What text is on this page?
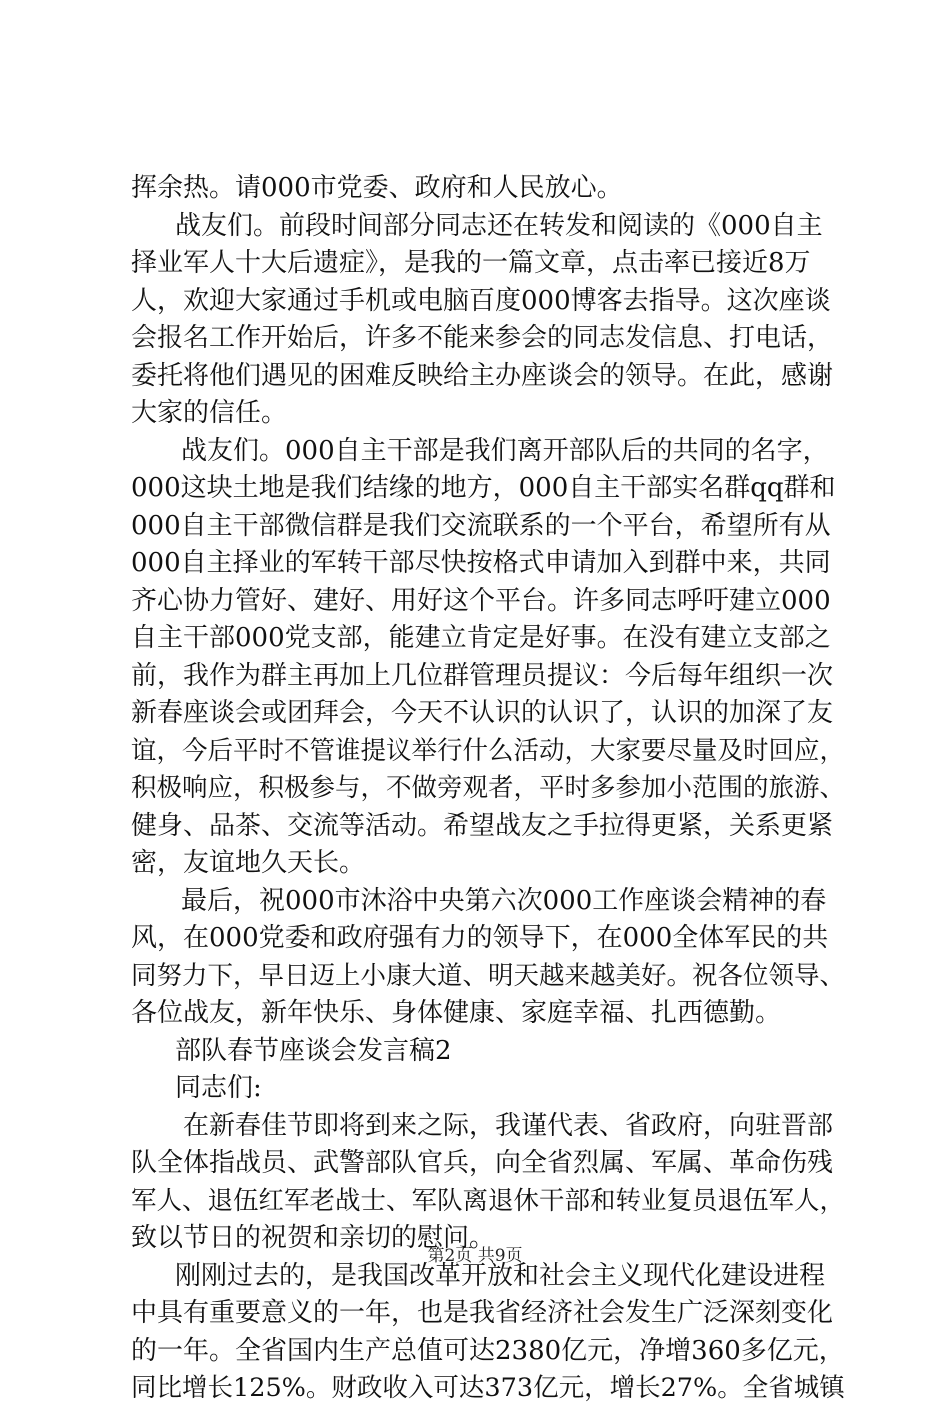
挥余热。请000市党委、政府和人民放心。
战友们。前段时间部分同志还在转发和阅读的《000自主
择业军人十大后遗症》，是我的一篇文章，点击率已接近8万
人，欢迎大家通过手机或电脑百度000博客去指导。这次座谈
会报名工作开始后，许多不能来参会的同志发信息、打电话，
委托将他们遇见的困难反映给主办座谈会的领导。在此，感谢
大家的信任。
战友们。000自主干部是我们离开部队后的共同的名字，
000这块土地是我们结缘的地方，000自主干部实名群qq群和
000自主干部微信群是我们交流联系的一个平台，希望所有从
000自主择业的军转干部尽快按格式申请加入到群中来，共同
齐心协力管好、建好、用好这个平台。许多同志呼吁建立000
自主干部000党支部，能建立肯定是好事。在没有建立支部之
前，我作为群主再加上几位群管理员提议：今后每年组织一次
新春座谈会或团拜会，今天不认识的认识了，认识的加深了友
谊，今后平时不管谁提议举行什么活动，大家要尽量及时回应，
积极响应，积极参与，不做旁观者，平时多参加小范围的旅游、
健身、品茶、交流等活动。希望战友之手拉得更紧，关系更紧
密，友谊地久天长。
最后，祝000市沐浴中央第六次000工作座谈会精神的春
风，在000党委和政府强有力的领导下，在000全体军民的共
同努力下，早日迈上小康大道、明天越来越美好。祝各位领导、
各位战友，新年快乐、身体健康、家庭幸福、扎西德勤。
部队春节座谈会发言稿2
同志们:
在新春佳节即将到来之际，我谨代表、省政府，向驻晋部
队全体指战员、武警部队官兵，向全省烈属、军属、革命伤残
军人、退伍红军老战士、军队离退休干部和转业复员退伍军人，
致以节日的祝贺和亲切的慰问。
刚刚过去的，是我国改革开放和社会主义现代化建设进程
中具有重要意义的一年，也是我省经济社会发生广泛深刻变化
的一年。全省国内生产总值可达2380亿元，净增360多亿元，
同比增长125%。财政收入可达373亿元，增长27%。全省城镇
第2页 共9页
